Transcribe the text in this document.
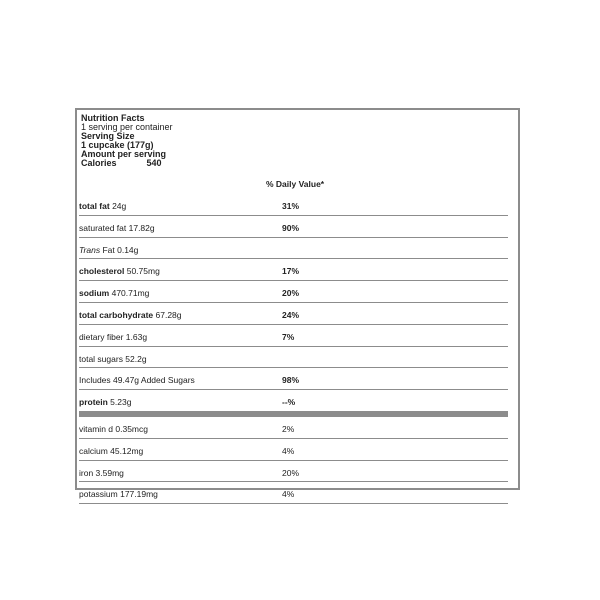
Nutrition Facts
1 serving per container
Serving Size
1 cupcake (177g)
Amount per serving
Calories	540
% Daily Value*
total fat 24g	31%
saturated fat 17.82g	90%
Trans Fat 0.14g
cholesterol 50.75mg	17%
sodium 470.71mg	20%
total carbohydrate 67.28g	24%
dietary fiber 1.63g	7%
total sugars 52.2g
Includes 49.47g Added Sugars	98%
protein 5.23g	--%
vitamin d 0.35mcg	2%
calcium 45.12mg	4%
iron 3.59mg	20%
potassium 177.19mg	4%
